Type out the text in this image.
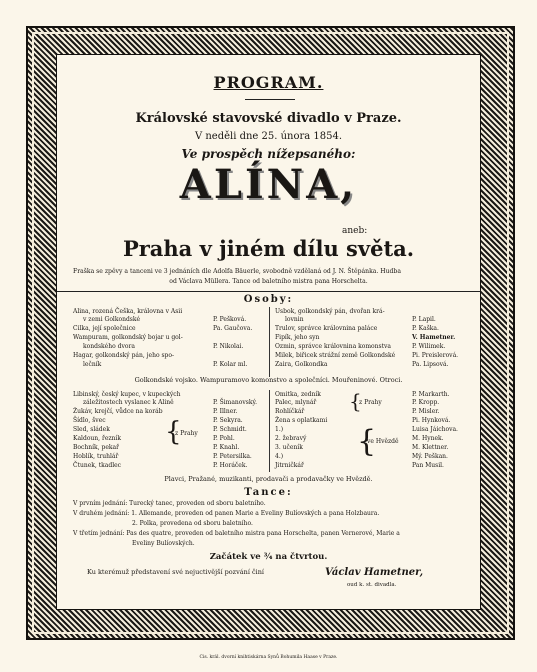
PROGRAM.
Královské stavovské divadlo v Praze.
V neděli dne 25. února 1854.
Ve prospěch nížepsaného:
ALÍNA,
aneb:
Praha v jiném dílu světa.
Fraška se zpěvy a tanceni ve 3 jednáních dle Adolfa Bäuerle, svobodně vzdělaná od J. N. Štěpánka. Hudba
od Václava Müllera. Tance od baletního mistra pana Horschelta.
Osoby:
Alina, rozená Češka, královna v Asii
v zemi Golkondské	P. Pešková.
Cilka, její společnice	Pa. Gaučova.
Wampuram, golkondský bojar u gol-
kondského dvora	P. Nikolai.
Hagar, golkondský pán, jeho spo-
lečník	P. Kolar ml.
Usbok, golkondský pán, dvořan krá-
lovnin	P. Lapil.
Trulov, správce královnina paláce	P. Kaška.
Fipík, jeho syn	V. Hametner.
Ozmin, správce královnina komonstva	P. Wilimek.
Milek, biřicek strážní země Golkondské	Pi. Preislerová.
Zaira, Golkondka	Pa. Lipsová.
Golkondské vojsko. Wampuramovo komonstvo a společníci. Mouřeninové. Otroci.
Libinský, český kupec, v kupeckých
záležitostech vyslanec k Alině	P. Šimanovský.
Žukáv, krejčí, vůdce na koráb	P. Illner.
Šídlo, švec	P. Sekyra.
Sled, sládek	P. Schmidt.
Kaldoun, řezník	P. Pohl.
Bochník, pekař	P. Knahl.
Hoblík, truhlář	P. Petersilka.
Čtunek, tkadlec	P. Horáček.
{
z Prahy
Omitka, zedník	P. Markarth.
Palec, mlynář	P. Kropp.
Rohlíčkář	P. Misler.
Žena s oplatkami	Pi. Hynková.
1.)	Luisa Jáichova.
2. žebravý	M. Hynek.
3. učeník	M. Klettner.
4.)	Mý. Peškan.
Jitrničkář	Pan Musil.
{
z Prahy
{
ve Hvězdě
Plavci, Pražané, muzikanti, prodavači a prodavačky ve Hvězdě.
Tance:
V prvním jednání: Turecký tanec, proveden od sboru baletního.
V druhém jednání: 1. Allemande, proveden od panen Marie a Eveliny Bulíovských a pana Holzbaura.
2. Polka, provedena od sboru baletního.
V třetím jednání: Pas des quatre, proveden od baletního mistra pana Horschelta, panen Vernerové, Marie a
Eveliny Bulíovských.
Začátek ve ¾ na čtvrtou.
Ku kterémuž představení své nejuctivější pozvání činí	Václav Hametner,
oud k. st. divadla.
Cis. král. dvorní knihtiskárna Synů Bohumila Haase v Praze.
